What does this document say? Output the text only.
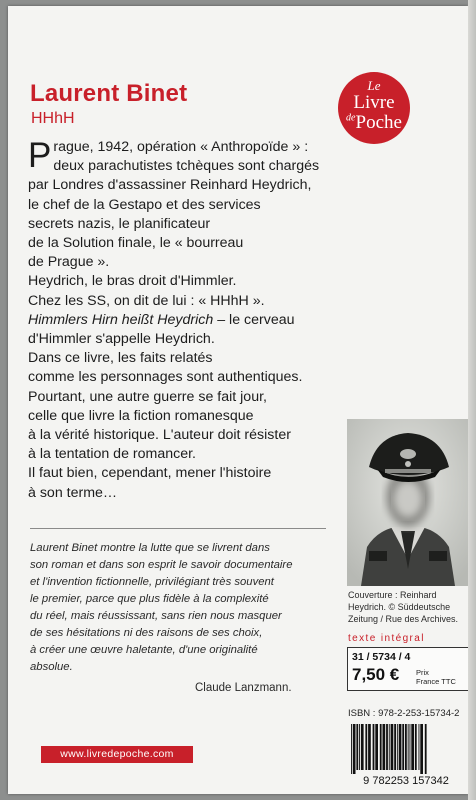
Laurent Binet
HHhH
Le
Livre
$^{de}$Poche
P rague, 1942, opération « Anthropoïde » :
deux parachutistes tchèques sont chargés
par Londres d'assassiner Reinhard Heydrich,
le chef de la Gestapo et des services
secrets nazis, le planificateur
de la Solution finale, le « bourreau
de Prague ».
Heydrich, le bras droit d'Himmler.
Chez les SS, on dit de lui : « HHhH ».
Himmlers Hirn heißt Heydrich – le cerveau
d'Himmler s'appelle Heydrich.
Dans ce livre, les faits relatés
comme les personnages sont authentiques.
Pourtant, une autre guerre se fait jour,
celle que livre la fiction romanesque
à la vérité historique. L'auteur doit résister
à la tentation de romancer.
Il faut bien, cependant, mener l'histoire
à son terme…
Laurent Binet montre la lutte que se livrent dans
son roman et dans son esprit le savoir documentaire
et l'invention fictionnelle, privilégiant très souvent
le premier, parce que plus fidèle à la complexité
du réel, mais réussissant, sans rien nous masquer
de ses hésitations ni des raisons de ses choix,
à créer une œuvre haletante, d'une originalité
absolue.
Claude Lanzmann.
Couverture : Reinhard
Heydrich. © Süddeutsche
Zeitung / Rue des Archives.
texte intégral
31 / 5734 / 4
7,50 € Prix
France TTC
ISBN : 978-2-253-15734-2
9 782253 157342
www.livredepoche.com
